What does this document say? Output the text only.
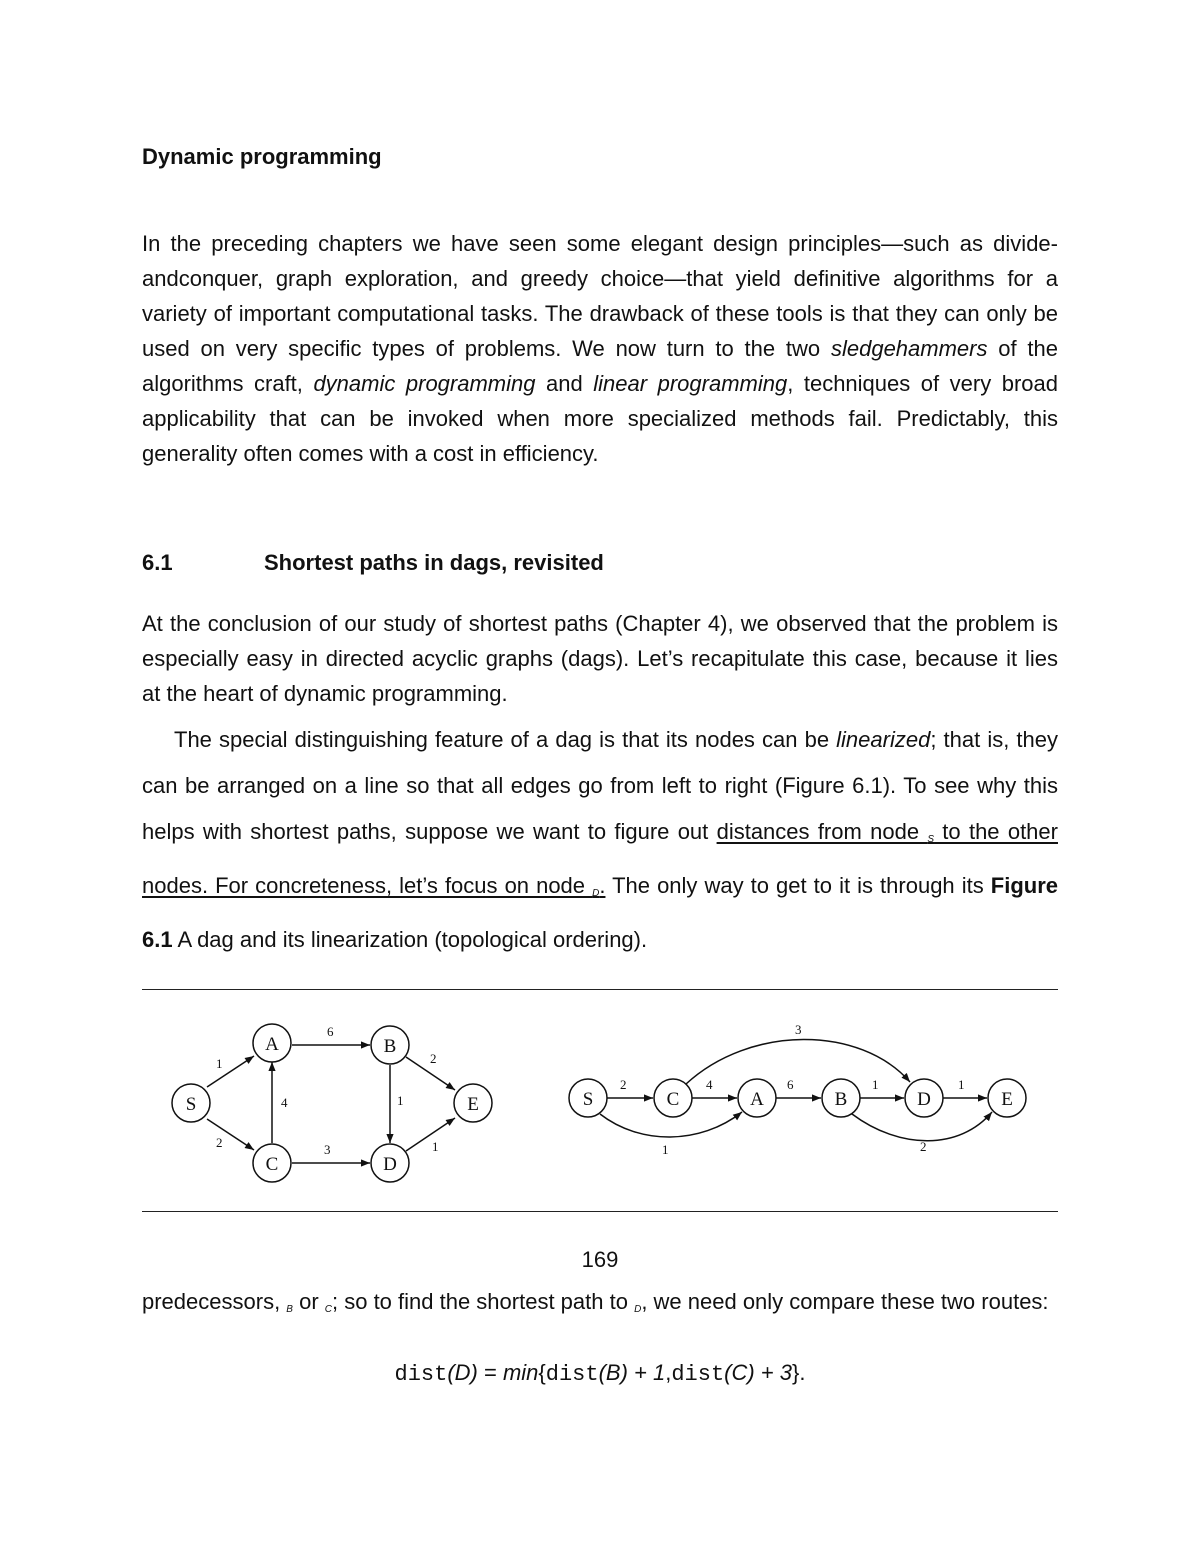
Dynamic programming
In the preceding chapters we have seen some elegant design principles—such as divide-andconquer, graph exploration, and greedy choice—that yield definitive algorithms for a variety of important computational tasks. The drawback of these tools is that they can only be used on very specific types of problems. We now turn to the two sledgehammers of the algorithms craft, dynamic programming and linear programming, techniques of very broad applicability that can be invoked when more specialized methods fail. Predictably, this generality often comes with a cost in efficiency.
6.1	Shortest paths in dags, revisited
At the conclusion of our study of shortest paths (Chapter 4), we observed that the problem is especially easy in directed acyclic graphs (dags). Let’s recapitulate this case, because it lies at the heart of dynamic programming.
The special distinguishing feature of a dag is that its nodes can be linearized; that is, they can be arranged on a line so that all edges go from left to right (Figure 6.1). To see why this helps with shortest paths, suppose we want to figure out distances from node S to the other nodes. For concreteness, let’s focus on node D. The only way to get to it is through its Figure 6.1 A dag and its linearization (topological ordering).
1
2
4
6
1
3
2
1
S
A	B
C	D
E
2	4	6	1	1
3
1	2
S	C	A	B	D	E
169
predecessors, B or C; so to find the shortest path to D, we need only compare these two routes:
dist(D) = min{dist(B) + 1,dist(C) + 3}.
